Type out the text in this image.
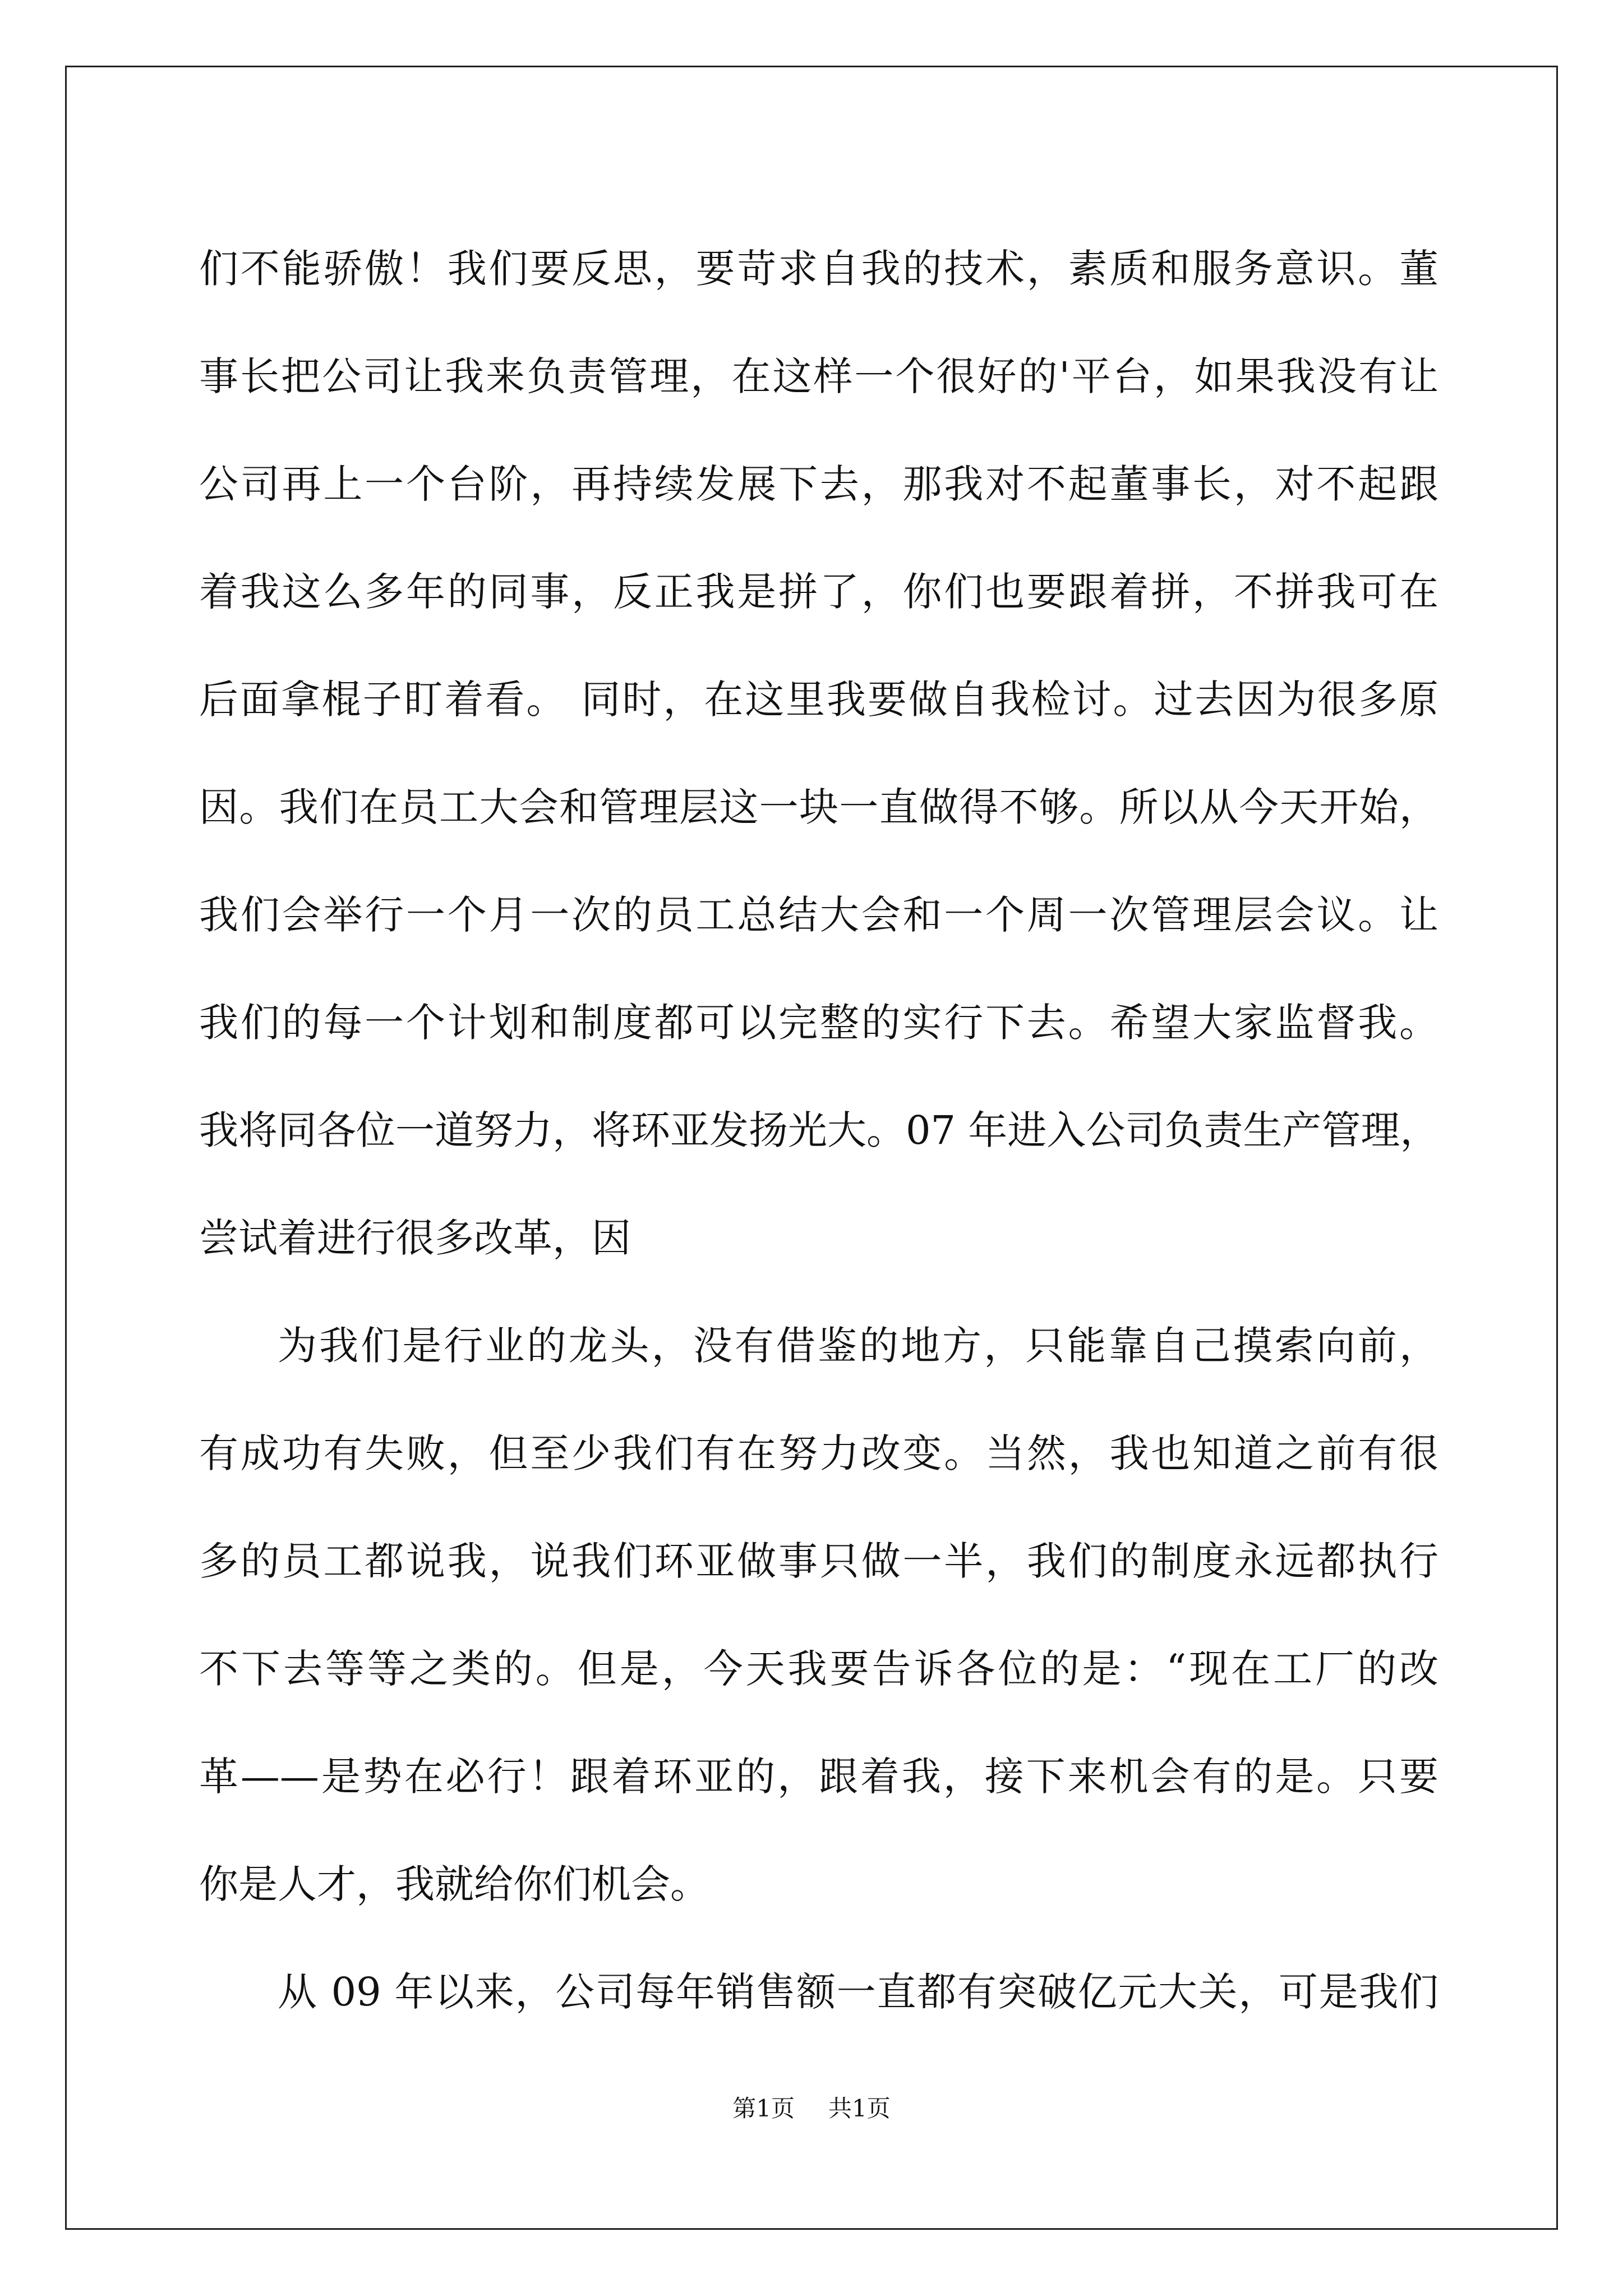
们不能骄傲！我们要反思，要苛求自我的技术，素质和服务意识。董
事长把公司让我来负责管理，在这样一个很好的'平台，如果我没有让
公司再上一个台阶，再持续发展下去，那我对不起董事长，对不起跟
着我这么多年的同事，反正我是拼了，你们也要跟着拼，不拼我可在
后面拿棍子盯着看。 同时，在这里我要做自我检讨。过去因为很多原
因。我们在员工大会和管理层这一块一直做得不够。所以从今天开始，
我们会举行一个月一次的员工总结大会和一个周一次管理层会议。让
我们的每一个计划和制度都可以完整的实行下去。希望大家监督我。
我将同各位一道努力，将环亚发扬光大。07 年进入公司负责生产管理，
尝试着进行很多改革，因
为我们是行业的龙头，没有借鉴的地方，只能靠自己摸索向前，
有成功有失败，但至少我们有在努力改变。当然，我也知道之前有很
多的员工都说我，说我们环亚做事只做一半，我们的制度永远都执行
不下去等等之类的。但是，今天我要告诉各位的是：“现在工厂的改
革——是势在必行！跟着环亚的，跟着我，接下来机会有的是。只要
你是人才，我就给你们机会。
从 09 年以来，公司每年销售额一直都有突破亿元大关，可是我们
第1页 共1页
